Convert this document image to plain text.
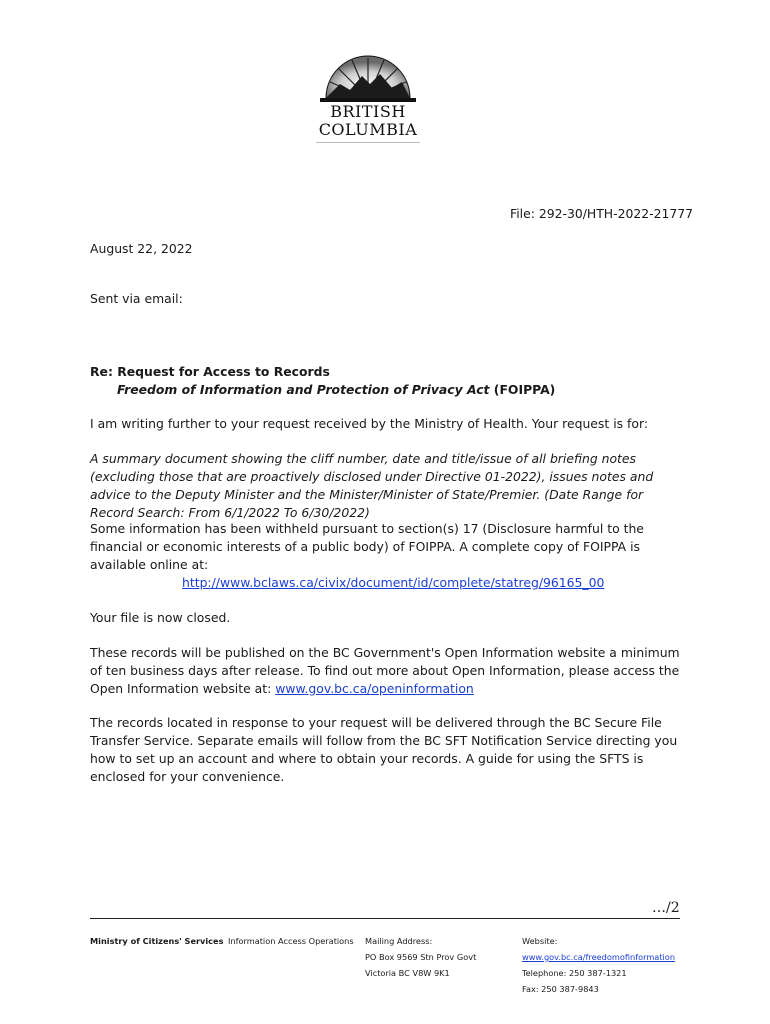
BRITISH
COLUMBIA
File: 292-30/HTH-2022-21777
August 22, 2022
Sent via email:
Re: Request for Access to Records
Freedom of Information and Protection of Privacy Act (FOIPPA)
I am writing further to your request received by the Ministry of Health. Your request is for:
A summary document showing the cliff number, date and title/issue of all briefing notes (excluding those that are proactively disclosed under Directive 01-2022), issues notes and advice to the Deputy Minister and the Minister/Minister of State/Premier. (Date Range for Record Search: From 6/1/2022 To 6/30/2022)
Some information has been withheld pursuant to section(s) 17 (Disclosure harmful to the financial or economic interests of a public body) of FOIPPA. A complete copy of FOIPPA is available online at:
http://www.bclaws.ca/civix/document/id/complete/statreg/96165_00
Your file is now closed.
These records will be published on the BC Government's Open Information website a minimum of ten business days after release. To find out more about Open Information, please access the Open Information website at: www.gov.bc.ca/openinformation
The records located in response to your request will be delivered through the BC Secure File Transfer Service. Separate emails will follow from the BC SFT Notification Service directing you how to set up an account and where to obtain your records. A guide for using the SFTS is enclosed for your convenience.
…/2
Ministry of Citizens' Services Information Access Operations Mailing Address:
PO Box 9569 Stn Prov Govt
Victoria BC V8W 9K1
Website:
www.gov.bc.ca/freedomofinformation
Telephone: 250 387-1321
Fax: 250 387-9843
